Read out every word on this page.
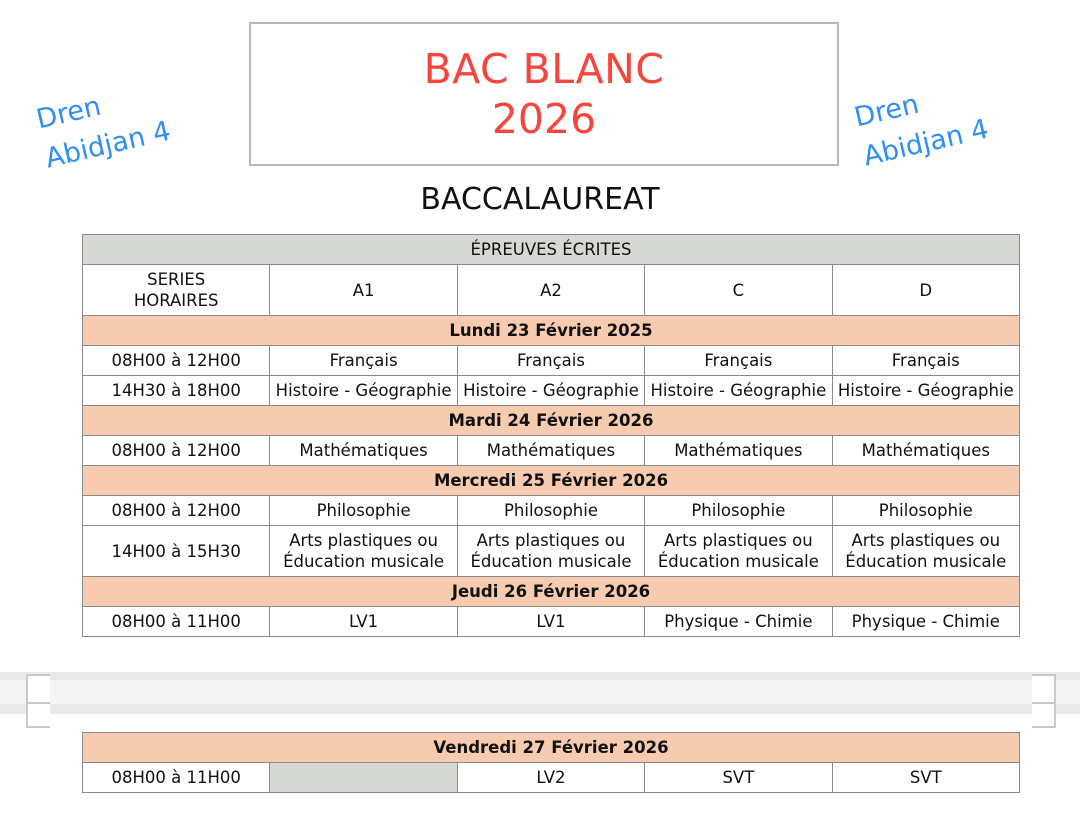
Dren
Abidjan 4
Dren
Abidjan 4
BAC BLANC
2026
BACCALAUREAT
ÉPREUVES ÉCRITES				

SERIES
HORAIRES	A1	A2	C	D
Lundi 23 Février 2025				
08H00 à 12H00	Français	Français	Français	Français
14H30 à 18H00	Histoire - Géographie	Histoire - Géographie	Histoire - Géographie	Histoire - Géographie
Mardi 24 Février 2026				
08H00 à 12H00	Mathématiques	Mathématiques	Mathématiques	Mathématiques
Mercredi 25 Février 2026				
08H00 à 12H00	Philosophie	Philosophie	Philosophie	Philosophie
14H00 à 15H30	Arts plastiques ou Éducation musicale	Arts plastiques ou Éducation musicale	Arts plastiques ou Éducation musicale	Arts plastiques ou Éducation musicale
Jeudi 26 Février 2026				
08H00 à 11H00	LV1	LV1	Physique - Chimie	Physique - Chimie
Vendredi 27 Février 2026
08H00 à 11H00		LV2	SVT	SVT
